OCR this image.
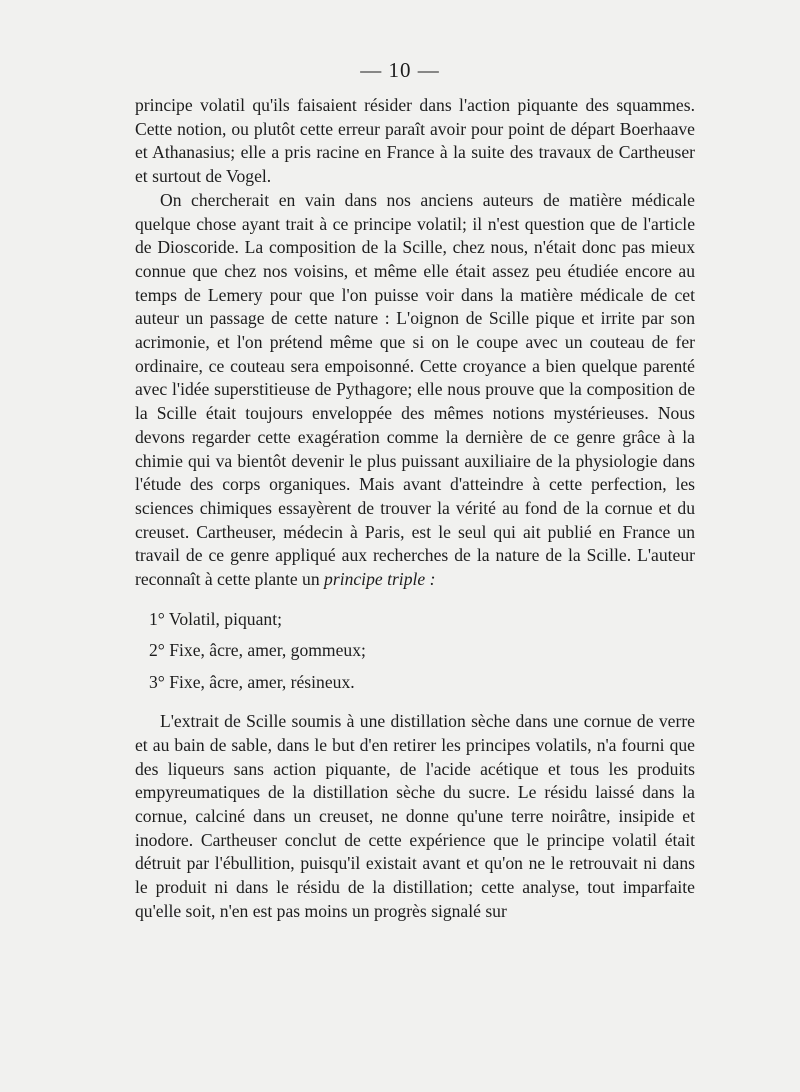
— 10 —

principe volatil qu'ils faisaient résider dans l'action piquante des squammes. Cette notion, ou plutôt cette erreur paraît avoir pour point de départ Boerhaave et Athanasius; elle a pris racine en France à la suite des travaux de Cartheuser et surtout de Vogel.

On chercherait en vain dans nos anciens auteurs de matière médicale quelque chose ayant trait à ce principe volatil; il n'est question que de l'article de Dioscoride. La composition de la Scille, chez nous, n'était donc pas mieux connue que chez nos voisins, et même elle était assez peu étudiée encore au temps de Lemery pour que l'on puisse voir dans la matière médicale de cet auteur un passage de cette nature : L'oignon de Scille pique et irrite par son acrimonie, et l'on prétend même que si on le coupe avec un couteau de fer ordinaire, ce couteau sera empoisonné. Cette croyance a bien quelque parenté avec l'idée superstitieuse de Pythagore; elle nous prouve que la composition de la Scille était toujours enveloppée des mêmes notions mystérieuses. Nous devons regarder cette exagération comme la dernière de ce genre grâce à la chimie qui va bientôt devenir le plus puissant auxiliaire de la physiologie dans l'étude des corps organiques. Mais avant d'atteindre à cette perfection, les sciences chimiques essayèrent de trouver la vérité au fond de la cornue et du creuset. Cartheuser, médecin à Paris, est le seul qui ait publié en France un travail de ce genre appliqué aux recherches de la nature de la Scille. L'auteur reconnaît à cette plante un principe triple :

1° Volatil, piquant;
2° Fixe, âcre, amer, gommeux;
3° Fixe, âcre, amer, résineux.

L'extrait de Scille soumis à une distillation sèche dans une cornue de verre et au bain de sable, dans le but d'en retirer les principes volatils, n'a fourni que des liqueurs sans action piquante, de l'acide acétique et tous les produits empyreumatiques de la distillation sèche du sucre. Le résidu laissé dans la cornue, calciné dans un creuset, ne donne qu'une terre noirâtre, insipide et inodore. Cartheuser conclut de cette expérience que le principe volatil était détruit par l'ébullition, puisqu'il existait avant et qu'on ne le retrouvait ni dans le produit ni dans le résidu de la distillation; cette analyse, tout imparfaite qu'elle soit, n'en est pas moins un progrès signalé sur
